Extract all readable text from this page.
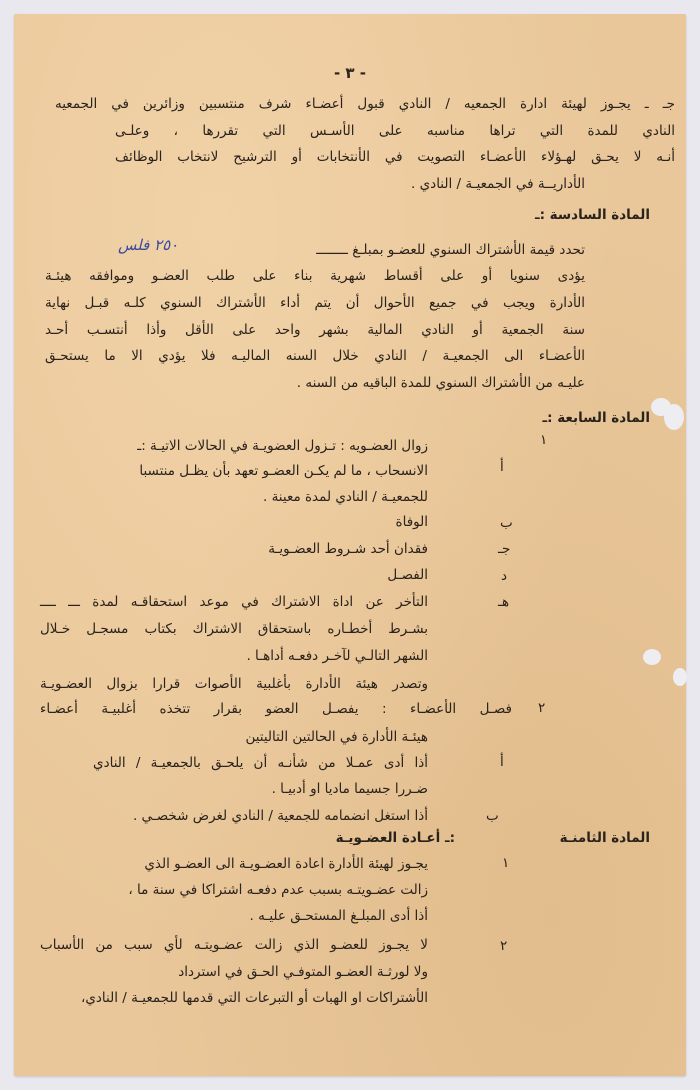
- ٣ -
جـ ـ يجـوز لهيئة ادارة الجمعيه / النادي قبول أعضـاء شرف منتسبين وزائرين في الجمعيه
النادي للمدة التي تراها مناسبه على الأسـس التي تقررها ، وعلـى
أنـه لا يحـق لهـؤلاء الأعضـاء التصويت في الأنتخابات أو الترشيح لانتخاب الوظائف
الأداريــة في الجمعيـة / النادي .
المادة السادسة :ـ
تحدد قيمة الأشتراك السنوي للعضـو بمبلـغ ــــــــ
٢٥٠ فلس
يؤدى سنويا أو على أقساط شهرية بناء على طلب العضـو وموافقه هيئـة
الأدارة ويجب في جميع الأحوال أن يتم أداء الأشتراك السنوي كلـه قبـل نهاية
سنة الجمعية أو النادي المالية بشهر واحد على الأقل وأذا أنتسـب أحـد
الأعضـاء الى الجمعيـة / النادي خلال السنه الماليـه فلا يؤدي الا ما يستحـق
عليـه من الأشتراك السنوي للمدة الباقيه من السنه .
المادة السابعة :ـ
١
زوال العضـويه : تـزول العضويـة في الحالات الاتيـة :ـ
أ
الانسحاب ، ما لم يكـن العضـو تعهد بأن يظـل منتسبا
للجمعيـة / النادي لمدة معينة .
ب
الوفاة
جـ
فقدان أحد شـروط العضـويـة
د
الفصـل
هـ
التأخر عن اداة الاشتراك في موعد استحقاقـه لمدة ـــ ــــ
بشـرط أخطـاره باستحقاق الاشتراك بكتاب مسجـل خـلال
الشهر التالـي لآخـر دفعـه أداهـا .
وتصدر هيئة الأدارة بأغلبية الأصوات قرارا بزوال العضـويـة
٢
فصـل الأعضـاء : يفصـل العضو بقرار تتخذه أغلبيـة أعضـاء
هيئـة الأدارة في الحالتين التاليتين
أ
أذا أدى عمـلا من شأنـه أن يلحـق بالجمعيـة / النادي
ضـررا جسيما ماديا او أدبيـا .
ب
أذا استغل انضمامه للجمعية / النادي لغرض شخصـي .
المادة الثامنـة
:ـ أعـادة العضـويـة
١
يجـوز لهيئة الأدارة اعادة العضـويـة الى العضـو الذي
زالت عضـويتـه بسبب عدم دفعـه اشتراكا في سنة ما ،
أذا أدى المبلـغ المستحـق عليـه .
٢
لا يجـوز للعضـو الذي زالت عضـويتـه لأي سبب من الأسباب
ولا لورثـة العضـو المتوفـي الحـق في استرداد
الأشتراكات او الهبات أو التبرعات التي قدمها للجمعيـة / النادي،
